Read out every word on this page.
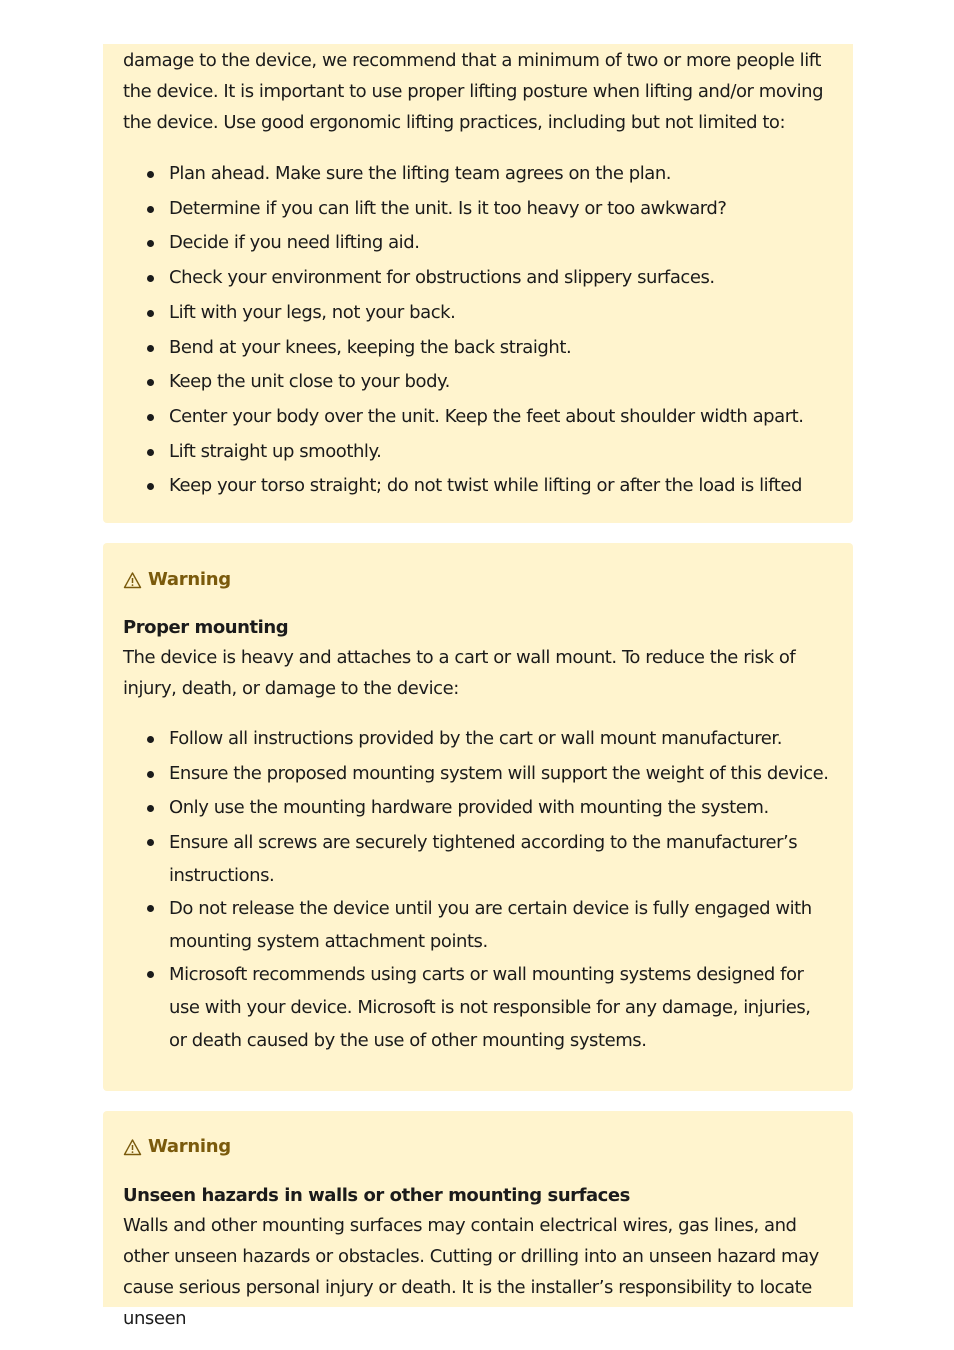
damage to the device, we recommend that a minimum of two or more people lift the device. It is important to use proper lifting posture when lifting and/or moving the device. Use good ergonomic lifting practices, including but not limited to:

Plan ahead. Make sure the lifting team agrees on the plan.
Determine if you can lift the unit. Is it too heavy or too awkward?
Decide if you need lifting aid.
Check your environment for obstructions and slippery surfaces.
Lift with your legs, not your back.
Bend at your knees, keeping the back straight.
Keep the unit close to your body.
Center your body over the unit. Keep the feet about shoulder width apart.
Lift straight up smoothly.
Keep your torso straight; do not twist while lifting or after the load is lifted
Warning

Proper mounting

The device is heavy and attaches to a cart or wall mount. To reduce the risk of injury, death, or damage to the device:

Follow all instructions provided by the cart or wall mount manufacturer.
Ensure the proposed mounting system will support the weight of this device.
Only use the mounting hardware provided with mounting the system.
Ensure all screws are securely tightened according to the manufacturer’s instructions.
Do not release the device until you are certain device is fully engaged with mounting system attachment points.
Microsoft recommends using carts or wall mounting systems designed for use with your device. Microsoft is not responsible for any damage, injuries, or death caused by the use of other mounting systems.
Warning

Unseen hazards in walls or other mounting surfaces

Walls and other mounting surfaces may contain electrical wires, gas lines, and other unseen hazards or obstacles. Cutting or drilling into an unseen hazard may cause serious personal injury or death. It is the installer’s responsibility to locate unseen
